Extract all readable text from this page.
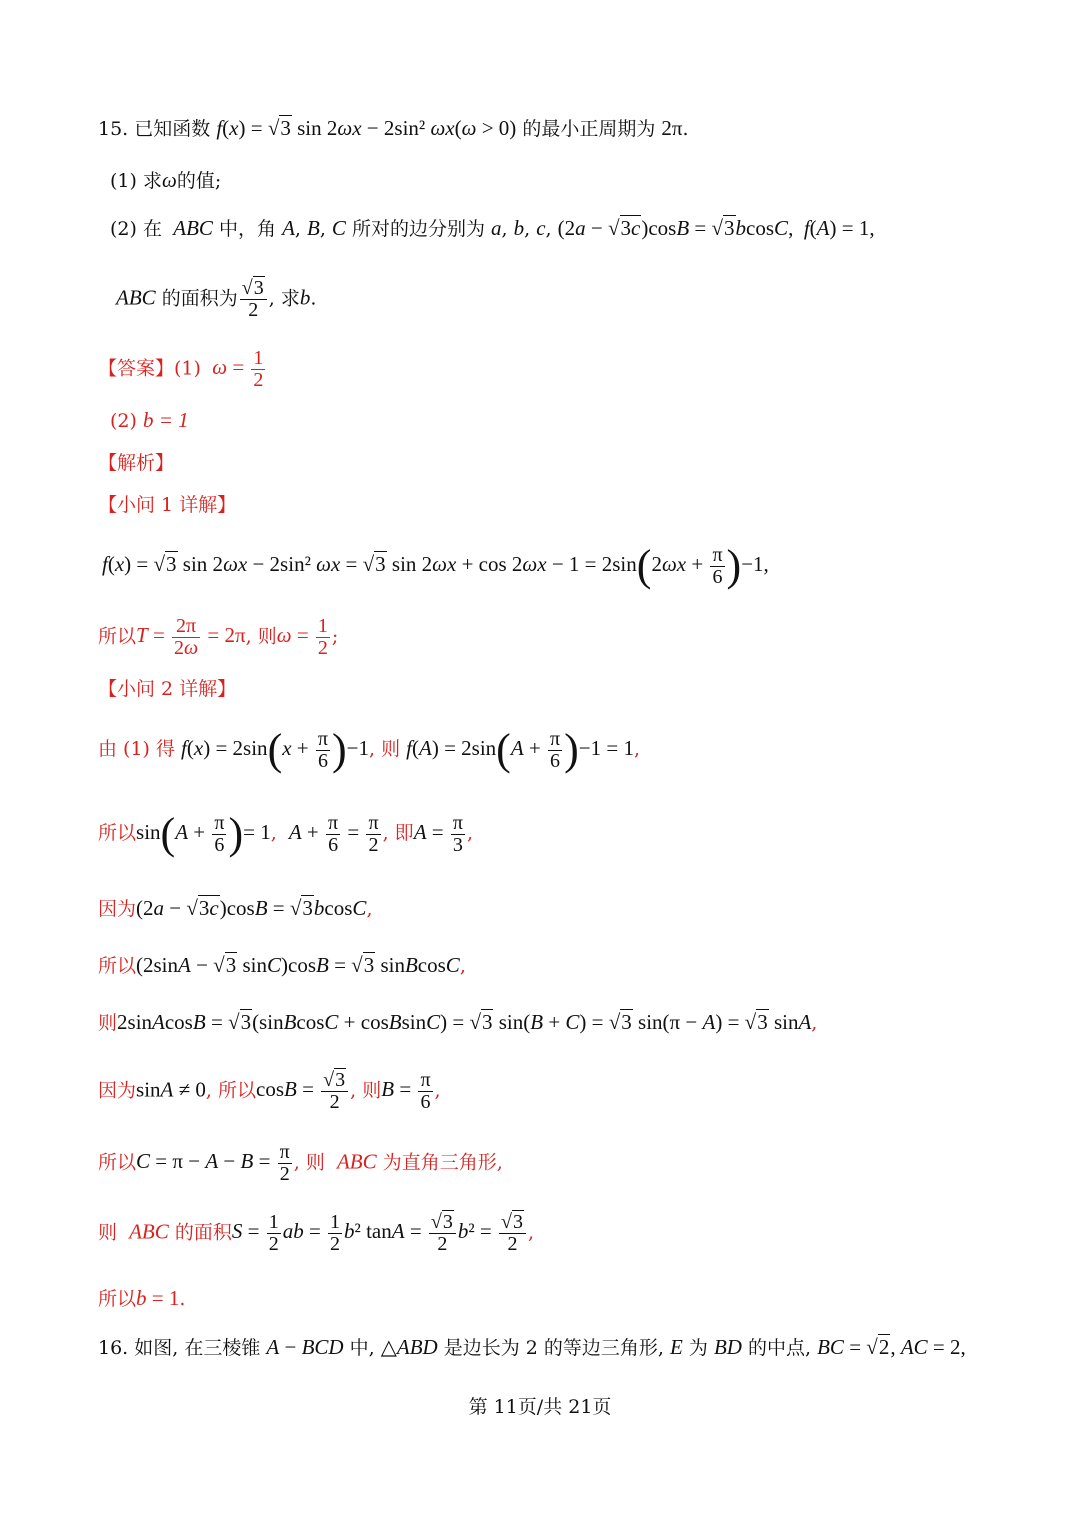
15. 已知函数 f(x) = √3 sin 2ωx − 2sin² ωx(ω > 0) 的最小正周期为 2π.
(1) 求ω的值;
(2) 在  ABC 中，角 A, B, C 所对的边分别为 a, b, c, (2a − √3c)cosB = √3bcosC,  f(A) = 1,
ABC 的面积为 $\frac{√3}{2}$ , 求b.
【答案】(1) $\omega = \frac{1}{2}$
(2) b = 1
【解析】
【小问 1 详解】
f(x) = √3 sin 2ωx − 2sin² ωx = √3 $\sin 2\omega x + \cos 2\omega x - 1 = 2\sin(2\omega x + \frac{\pi}{6} )-1$,
所以$T = \frac{2\pi}{2\omega} = 2\pi$, 则$\omega = \frac{1}{2}$ ;
【小问 2 详解】
由 (1) 得 $f(x) = 2\sin(x + \frac{\pi}{6} )-1$, 则 $f(A) = 2\sin(A + \frac{\pi}{6} )-1 = 1$,
所以$\sin(A + \frac{\pi}{6}$ )= 1,  $A + \frac{\pi}{6} = \frac{\pi}{2}$ , 即$A = \frac{\pi}{3}$ ,
因为(2a − √3c)cosB = √3bcosC,
所以(2sinA − √3 sinC)cosB = √3 sinBcosC,
则2sinAcosB = √3(sinBcosC + cosBsinC) = √3 sin(B + C) = √3 sin(π − A) = √3 sinA,
因为sinA ≠ 0, 所以$\cos B = \frac{√3}{2}$ , 则$B = \frac{\pi}{6}$ ,
所以$C = \pi - A - B = \frac{\pi}{2}$ , 则 ABC 为直角三角形,
则 ABC 的面积$S = \frac{1}{2}$ ab = $\frac{1}{2} b^2$ $\tan A = \frac{√3}{2} b^2 = \frac{√3}{2}$ ,
所以b = 1.
16. 如图, 在三棱锥 A − BCD 中, △ABD 是边长为 2 的等边三角形, E 为 BD 的中点, BC = √2, AC = 2,
第 11页/共 21页
